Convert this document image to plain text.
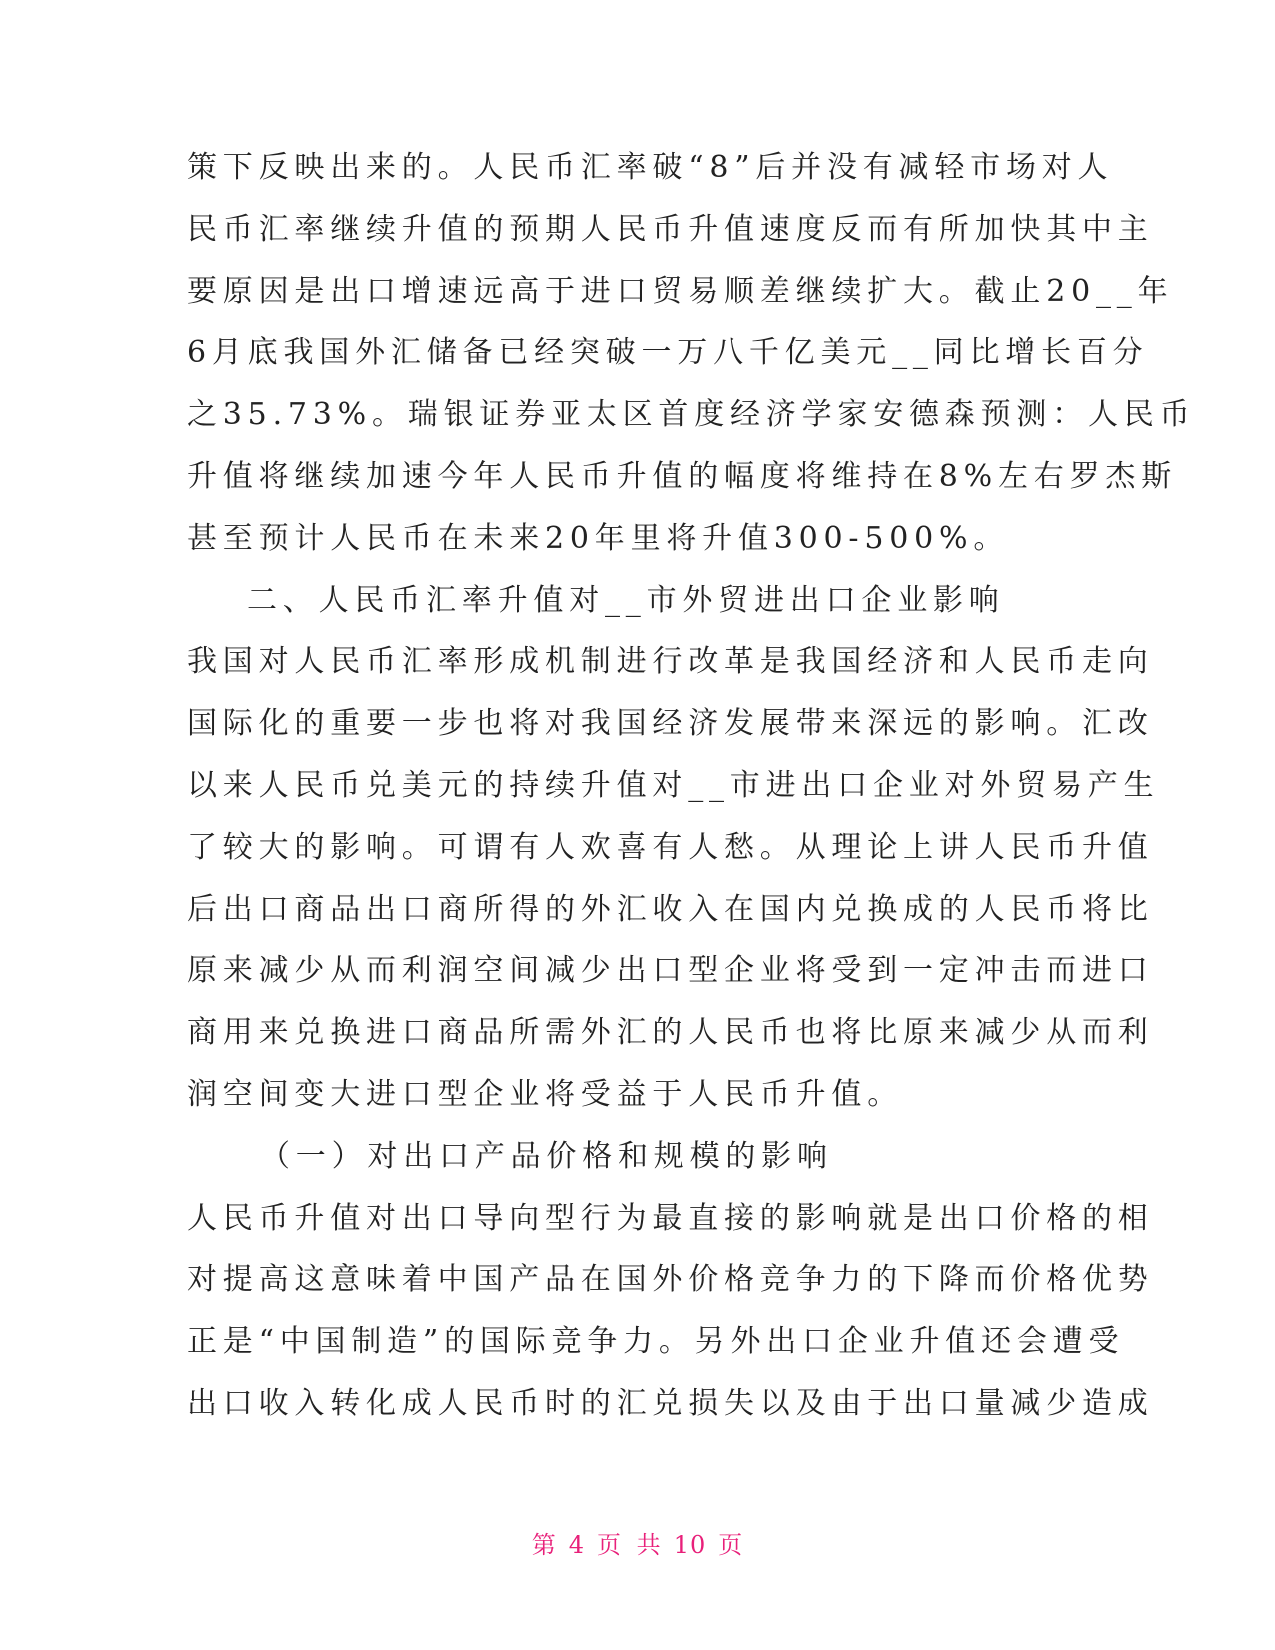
策下反映出来的。人民币汇率破“8”后并没有减轻市场对人
民币汇率继续升值的预期人民币升值速度反而有所加快其中主
要原因是出口增速远高于进口贸易顺差继续扩大。截止20__年
6月底我国外汇储备已经突破一万八千亿美元__同比增长百分
之35.73%。瑞银证券亚太区首度经济学家安德森预测：人民币
升值将继续加速今年人民币升值的幅度将维持在8%左右罗杰斯
甚至预计人民币在未来20年里将升值300-500%。
二、人民币汇率升值对__市外贸进出口企业影响
我国对人民币汇率形成机制进行改革是我国经济和人民币走向
国际化的重要一步也将对我国经济发展带来深远的影响。汇改
以来人民币兑美元的持续升值对__市进出口企业对外贸易产生
了较大的影响。可谓有人欢喜有人愁。从理论上讲人民币升值
后出口商品出口商所得的外汇收入在国内兑换成的人民币将比
原来减少从而利润空间减少出口型企业将受到一定冲击而进口
商用来兑换进口商品所需外汇的人民币也将比原来减少从而利
润空间变大进口型企业将受益于人民币升值。
（一）对出口产品价格和规模的影响
人民币升值对出口导向型行为最直接的影响就是出口价格的相
对提高这意味着中国产品在国外价格竞争力的下降而价格优势
正是“中国制造”的国际竞争力。另外出口企业升值还会遭受
出口收入转化成人民币时的汇兑损失以及由于出口量减少造成
第 4 页 共 10 页
